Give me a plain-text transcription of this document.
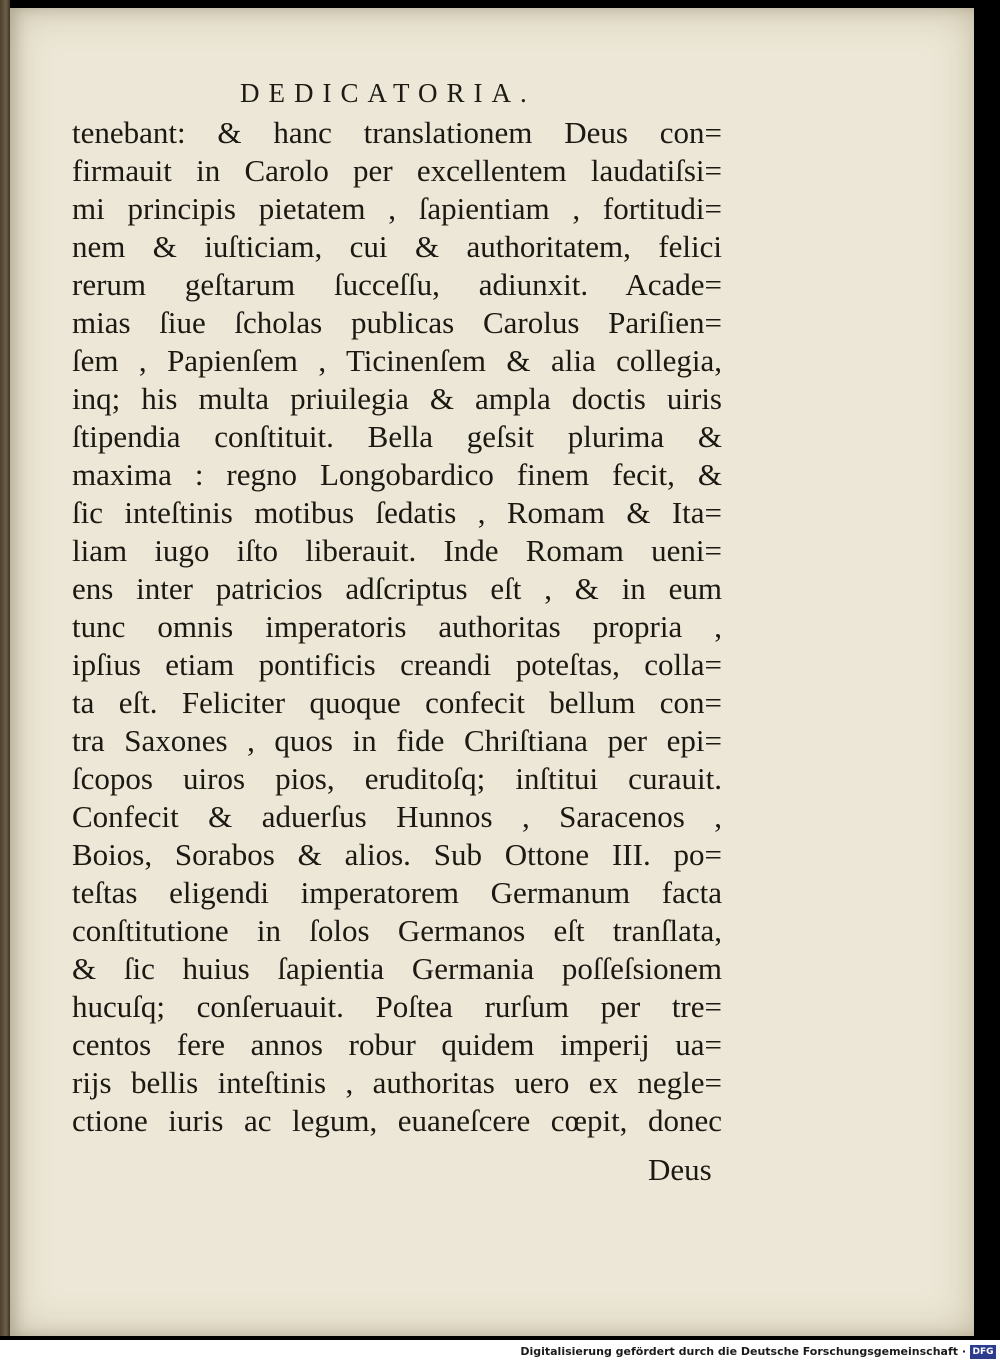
DEDICATORIA.
tenebant: & hanc translationem Deus con=
firmauit in Carolo per excellentem laudatiſsi=
mi principis pietatem , ſapientiam , fortitudi=
nem & iuſticiam, cui & authoritatem, felici
rerum geſtarum ſucceſſu, adiunxit. Acade=
mias ſiue ſcholas publicas Carolus Pariſien=
ſem , Papienſem , Ticinenſem & alia collegia,
inq; his multa priuilegia & ampla doctis uiris
ſtipendia conſtituit. Bella geſsit plurima &
maxima : regno Longobardico finem fecit, &
ſic inteſtinis motibus ſedatis , Romam & Ita=
liam iugo iſto liberauit. Inde Romam ueni=
ens inter patricios adſcriptus eſt , & in eum
tunc omnis imperatoris authoritas propria ,
ipſius etiam pontificis creandi poteſtas, colla=
ta eſt. Feliciter quoque confecit bellum con=
tra Saxones , quos in fide Chriſtiana per epi=
ſcopos uiros pios, eruditoſq; inſtitui curauit.
Confecit & aduerſus Hunnos , Saracenos ,
Boios, Sorabos & alios. Sub Ottone III. po=
teſtas eligendi imperatorem Germanum facta
conſtitutione in ſolos Germanos eſt tranſlata,
& ſic huius ſapientia Germania poſſeſsionem
hucuſq; conſeruauit. Poſtea rurſum per tre=
centos fere annos robur quidem imperij ua=
rijs bellis inteſtinis , authoritas uero ex negle=
ctione iuris ac legum, euaneſcere cœpit, donec
Deus
Digitalisierung gefördert durch die Deutsche Forschungsgemeinschaft · DFG
